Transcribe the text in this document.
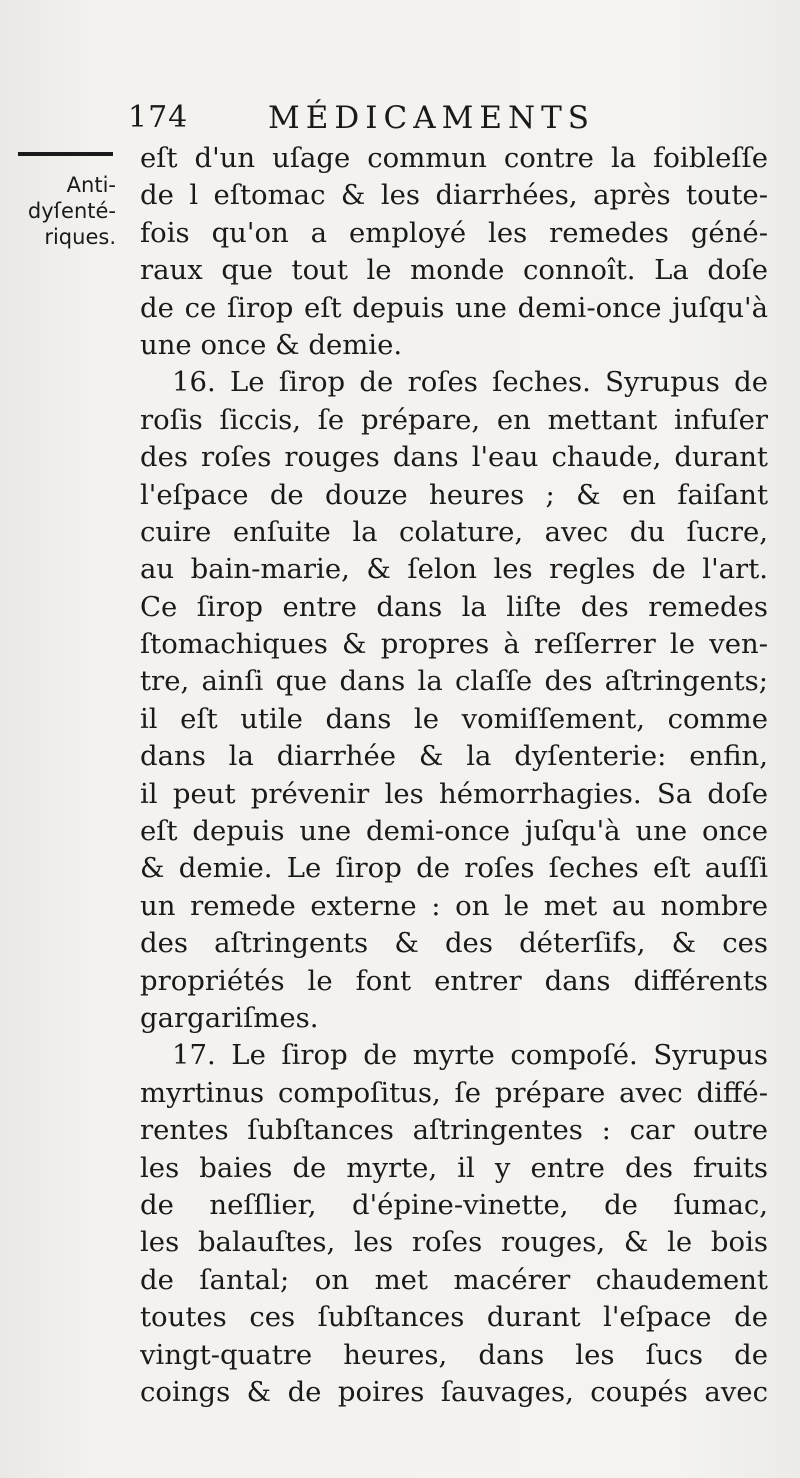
174	MÉDICAMENTS
Anti-
dyſenté-
riques.
eſt d'un uſage commun contre la foibleſſe
de l eſtomac & les diarrhées, après toute-
fois qu'on a employé les remedes géné-
raux que tout le monde connoît. La doſe
de ce ſirop eſt depuis une demi-once juſqu'à
une once & demie.
16. Le ſirop de roſes ſeches. Syrupus de
roſis ſiccis, ſe prépare, en mettant infuſer
des roſes rouges dans l'eau chaude, durant
l'eſpace de douze heures ; & en faiſant
cuire enſuite la colature, avec du ſucre,
au bain-marie, & ſelon les regles de l'art.
Ce ſirop entre dans la liſte des remedes
ſtomachiques & propres à reſſerrer le ven-
tre, ainſi que dans la claſſe des aſtringents;
il eſt utile dans le vomiſſement, comme
dans la diarrhée & la dyſenterie: enfin,
il peut prévenir les hémorrhagies. Sa doſe
eſt depuis une demi-once juſqu'à une once
& demie. Le ſirop de roſes ſeches eſt auſſi
un remede externe : on le met au nombre
des aſtringents & des déterſifs, & ces
propriétés le font entrer dans différents
gargariſmes.
17. Le ſirop de myrte compoſé. Syrupus
myrtinus compoſitus, ſe prépare avec diffé-
rentes ſubſtances aſtringentes : car outre
les baies de myrte, il y entre des fruits
de neſſlier, d'épine-vinette, de ſumac,
les balauſtes, les roſes rouges, & le bois
de ſantal; on met macérer chaudement
toutes ces ſubſtances durant l'eſpace de
vingt-quatre heures, dans les ſucs de
coings & de poires ſauvages, coupés avec
